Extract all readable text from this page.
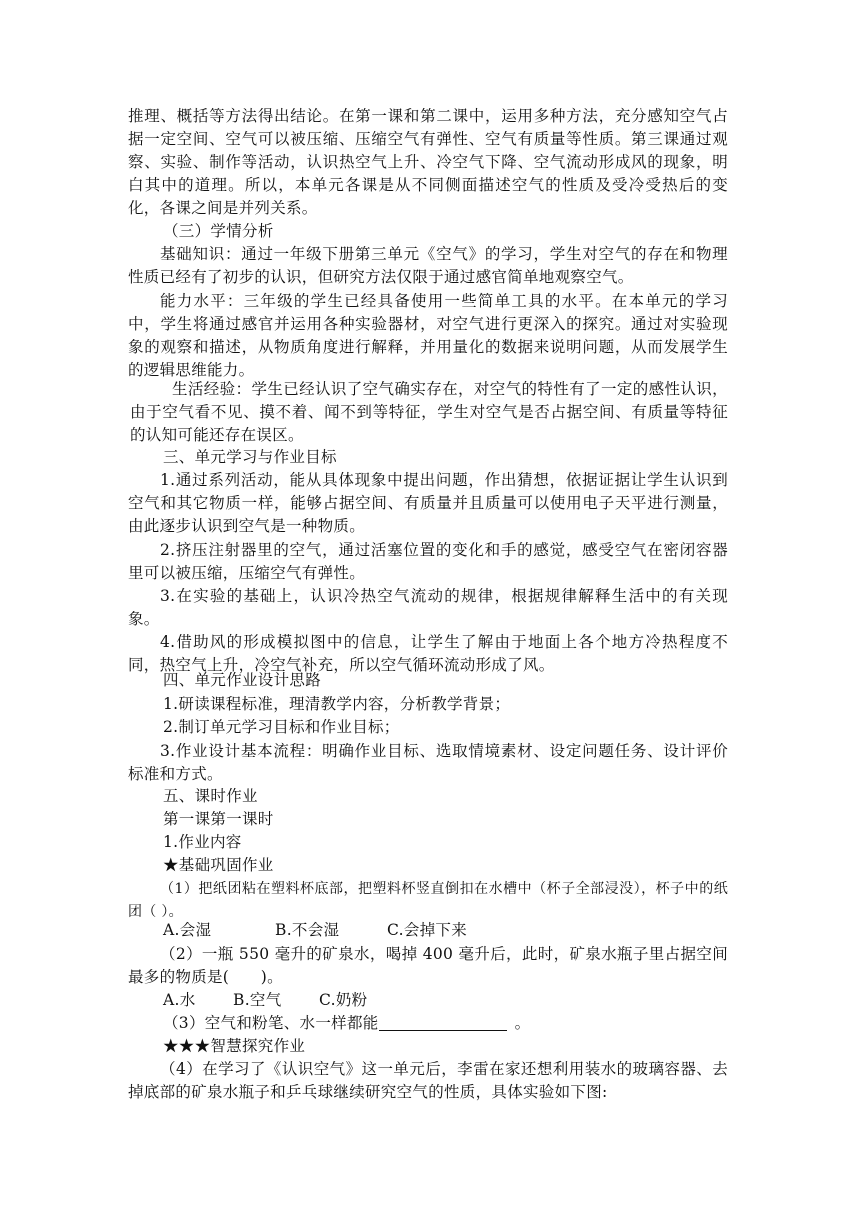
推理、概括等方法得出结论。在第一课和第二课中，运用多种方法，充分感知空气占据一定空间、空气可以被压缩、压缩空气有弹性、空气有质量等性质。第三课通过观察、实验、制作等活动，认识热空气上升、冷空气下降、空气流动形成风的现象，明白其中的道理。所以，本单元各课是从不同侧面描述空气的性质及受冷受热后的变化，各课之间是并列关系。

（三）学情分析

基础知识：通过一年级下册第三单元《空气》的学习，学生对空气的存在和物理性质已经有了初步的认识，但研究方法仅限于通过感官简单地观察空气。

能力水平：三年级的学生已经具备使用一些简单工具的水平。在本单元的学习中，学生将通过感官并运用各种实验器材，对空气进行更深入的探究。通过对实验现象的观察和描述，从物质角度进行解释，并用量化的数据来说明问题，从而发展学生的逻辑思维能力。

生活经验：学生已经认识了空气确实存在，对空气的特性有了一定的感性认识，由于空气看不见、摸不着、闻不到等特征，学生对空气是否占据空间、有质量等特征的认知可能还存在误区。

三、单元学习与作业目标

1.通过系列活动，能从具体现象中提出问题，作出猜想，依据证据让学生认识到空气和其它物质一样，能够占据空间、有质量并且质量可以使用电子天平进行测量，由此逐步认识到空气是一种物质。

2.挤压注射器里的空气，通过活塞位置的变化和手的感觉，感受空气在密闭容器里可以被压缩，压缩空气有弹性。

3.在实验的基础上，认识冷热空气流动的规律，根据规律解释生活中的有关现象。

4.借助风的形成模拟图中的信息，让学生了解由于地面上各个地方冷热程度不同，热空气上升，冷空气补充，所以空气循环流动形成了风。

四、单元作业设计思路

1.研读课程标准，理清教学内容，分析教学背景；

2.制订单元学习目标和作业目标；

3.作业设计基本流程：明确作业目标、选取情境素材、设定问题任务、设计评价标准和方式。

五、课时作业

第一课第一课时

1.作业内容

★基础巩固作业

（1）把纸团粘在塑料杯底部，把塑料杯竖直倒扣在水槽中（杯子全部浸没），杯子中的纸团（ ）。

A.会湿	B.不会湿	C.会掉下来

（2）一瓶 550 毫升的矿泉水，喝掉 400 毫升后，此时，矿泉水瓶子里占据空间最多的物质是(　　)。

A.水 B.空气 C.奶粉

（3）空气和粉笔、水一样都能	。

★★★智慧探究作业

（4）在学习了《认识空气》这一单元后，李雷在家还想利用装水的玻璃容器、去掉底部的矿泉水瓶子和乒乓球继续研究空气的性质，具体实验如下图:
